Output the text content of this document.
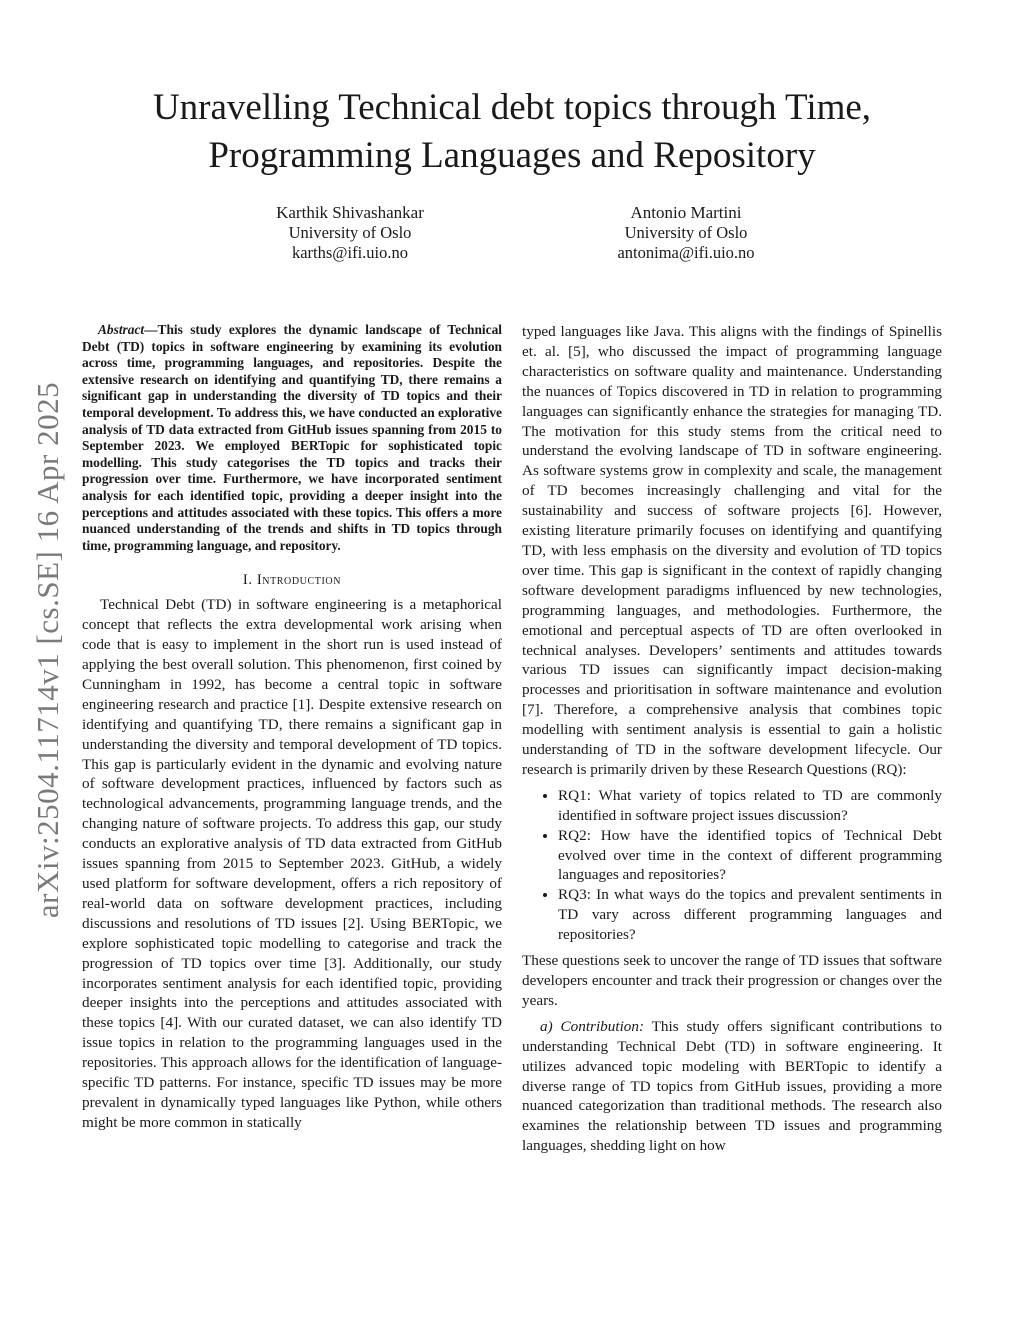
Unravelling Technical debt topics through Time, Programming Languages and Repository
Karthik Shivashankar
University of Oslo
karths@ifi.uio.no
Antonio Martini
University of Oslo
antonima@ifi.uio.no
arXiv:2504.11714v1 [cs.SE] 16 Apr 2025

Abstract—This study explores the dynamic landscape of Technical Debt (TD) topics in software engineering by examining its evolution across time, programming languages, and repositories. Despite the extensive research on identifying and quantifying TD, there remains a significant gap in understanding the diversity of TD topics and their temporal development. To address this, we have conducted an explorative analysis of TD data extracted from GitHub issues spanning from 2015 to September 2023. We employed BERTopic for sophisticated topic modelling. This study categorises the TD topics and tracks their progression over time. Furthermore, we have incorporated sentiment analysis for each identified topic, providing a deeper insight into the perceptions and attitudes associated with these topics. This offers a more nuanced understanding of the trends and shifts in TD topics through time, programming language, and repository.

I. Introduction

Technical Debt (TD) in software engineering is a metaphorical concept that reflects the extra developmental work arising when code that is easy to implement in the short run is used instead of applying the best overall solution. This phenomenon, first coined by Cunningham in 1992, has become a central topic in software engineering research and practice [1]. Despite extensive research on identifying and quantifying TD, there remains a significant gap in understanding the diversity and temporal development of TD topics. This gap is particularly evident in the dynamic and evolving nature of software development practices, influenced by factors such as technological advancements, programming language trends, and the changing nature of software projects. To address this gap, our study conducts an explorative analysis of TD data extracted from GitHub issues spanning from 2015 to September 2023. GitHub, a widely used platform for software development, offers a rich repository of real-world data on software development practices, including discussions and resolutions of TD issues [2]. Using BERTopic, we explore sophisticated topic modelling to categorise and track the progression of TD topics over time [3]. Additionally, our study incorporates sentiment analysis for each identified topic, providing deeper insights into the perceptions and attitudes associated with these topics [4]. With our curated dataset, we can also identify TD issue topics in relation to the programming languages used in the repositories. This approach allows for the identification of language-specific TD patterns. For instance, specific TD issues may be more prevalent in dynamically typed languages like Python, while others might be more common in statically

typed languages like Java. This aligns with the findings of Spinellis et. al. [5], who discussed the impact of programming language characteristics on software quality and maintenance. Understanding the nuances of Topics discovered in TD in relation to programming languages can significantly enhance the strategies for managing TD. The motivation for this study stems from the critical need to understand the evolving landscape of TD in software engineering. As software systems grow in complexity and scale, the management of TD becomes increasingly challenging and vital for the sustainability and success of software projects [6]. However, existing literature primarily focuses on identifying and quantifying TD, with less emphasis on the diversity and evolution of TD topics over time. This gap is significant in the context of rapidly changing software development paradigms influenced by new technologies, programming languages, and methodologies. Furthermore, the emotional and perceptual aspects of TD are often overlooked in technical analyses. Developers’ sentiments and attitudes towards various TD issues can significantly impact decision-making processes and prioritisation in software maintenance and evolution [7]. Therefore, a comprehensive analysis that combines topic modelling with sentiment analysis is essential to gain a holistic understanding of TD in the software development lifecycle. Our research is primarily driven by these Research Questions (RQ):

• RQ1: What variety of topics related to TD are commonly identified in software project issues discussion?
• RQ2: How have the identified topics of Technical Debt evolved over time in the context of different programming languages and repositories?
• RQ3: In what ways do the topics and prevalent sentiments in TD vary across different programming languages and repositories?

These questions seek to uncover the range of TD issues that software developers encounter and track their progression or changes over the years.

a) Contribution: This study offers significant contributions to understanding Technical Debt (TD) in software engineering. It utilizes advanced topic modeling with BERTopic to identify a diverse range of TD topics from GitHub issues, providing a more nuanced categorization than traditional methods. The research also examines the relationship between TD issues and programming languages, shedding light on how
